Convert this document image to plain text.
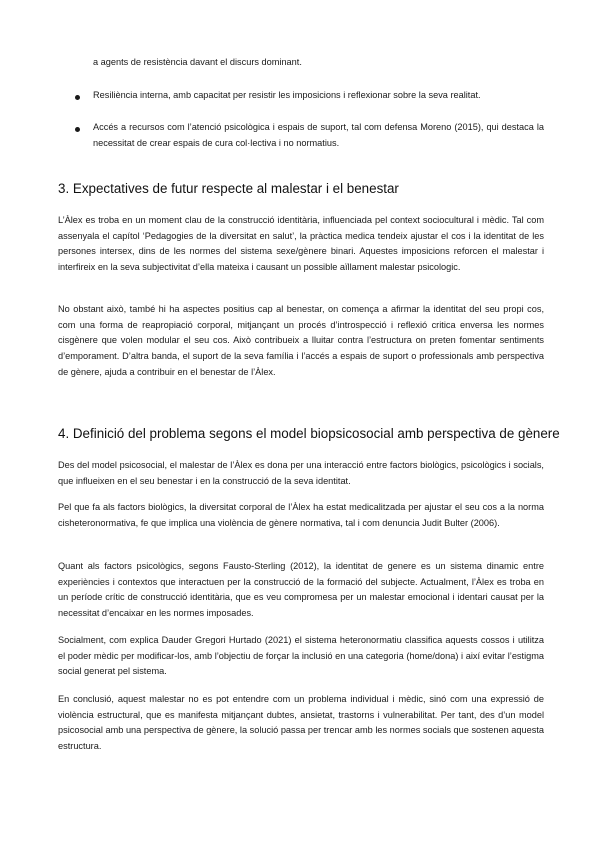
a agents de resistència davant el discurs dominant.

Resiliència interna, amb capacitat per resistir les imposicions i reflexionar sobre la seva realitat.

Accés a recursos com l’atenció psicològica i espais de suport, tal com defensa Moreno (2015), qui destaca la necessitat de crear espais de cura col·lectiva i no normatius.

3. Expectatives de futur respecte al malestar i el benestar

L’Àlex es troba en un moment clau de la construcció identitària, influenciada pel context sociocultural i mèdic. Tal com assenyala el capítol ‘Pedagogies de la diversitat en salut’, la pràctica medica tendeix ajustar el cos i la identitat de les persones intersex, dins de les normes del sistema sexe/gènere binari. Aquestes imposicions reforcen el malestar i interfireix en la seva subjectivitat d’ella mateixa i causant un possible aïllament malestar psicologic.

No obstant això, també hi ha aspectes positius cap al benestar, on comença a afirmar la identitat del seu propi cos, com una forma de reapropiació corporal, mitjançant un procés d’introspecció i reflexió critica enversa les normes cisgènere que volen modular el seu cos. Això contribueix a lluitar contra l’estructura on preten fomentar sentiments d’emporament. D’altra banda, el suport de la seva família i l’accés a espais de suport o professionals amb perspectiva de gènere, ajuda a contribuir en el benestar de l’Àlex.

4. Definició del problema segons el model biopsicosocial amb perspectiva de gènere

Des del model psicosocial, el malestar de l’Àlex es dona per una interacció entre factors biològics, psicològics i socials, que influeixen en el seu benestar i en la construcció de la seva identitat.

Pel que fa als factors biològics, la diversitat corporal de l’Àlex ha estat medicalitzada per ajustar el seu cos a la norma cisheteronormativa, fe que implica una violència de gènere normativa, tal i com denuncia Judit Bulter (2006).

Quant als factors psicològics, segons Fausto-Sterling (2012), la identitat de genere es un sistema dinamic entre experiències i contextos que interactuen per la construcció de la formació del subjecte. Actualment, l’Àlex es troba en un període crític de construcció identitària, que es veu compromesa per un malestar emocional i identari causat per la necessitat d’encaixar en les normes imposades.

Socialment, com explica Dauder Gregori Hurtado (2021) el sistema heteronormatiu classifica aquests cossos i utilitza el poder mèdic per modificar-los, amb l’objectiu de forçar la inclusió en una categoria (home/dona) i així evitar l’estigma social generat pel sistema.

En conclusió, aquest malestar no es pot entendre com un problema individual i mèdic, sinó com una expressió de violència estructural, que es manifesta mitjançant dubtes, ansietat, trastorns i vulnerabilitat. Per tant, des d’un model psicosocial amb una perspectiva de gènere, la solució passa per trencar amb les normes socials que sostenen aquesta estructura.
